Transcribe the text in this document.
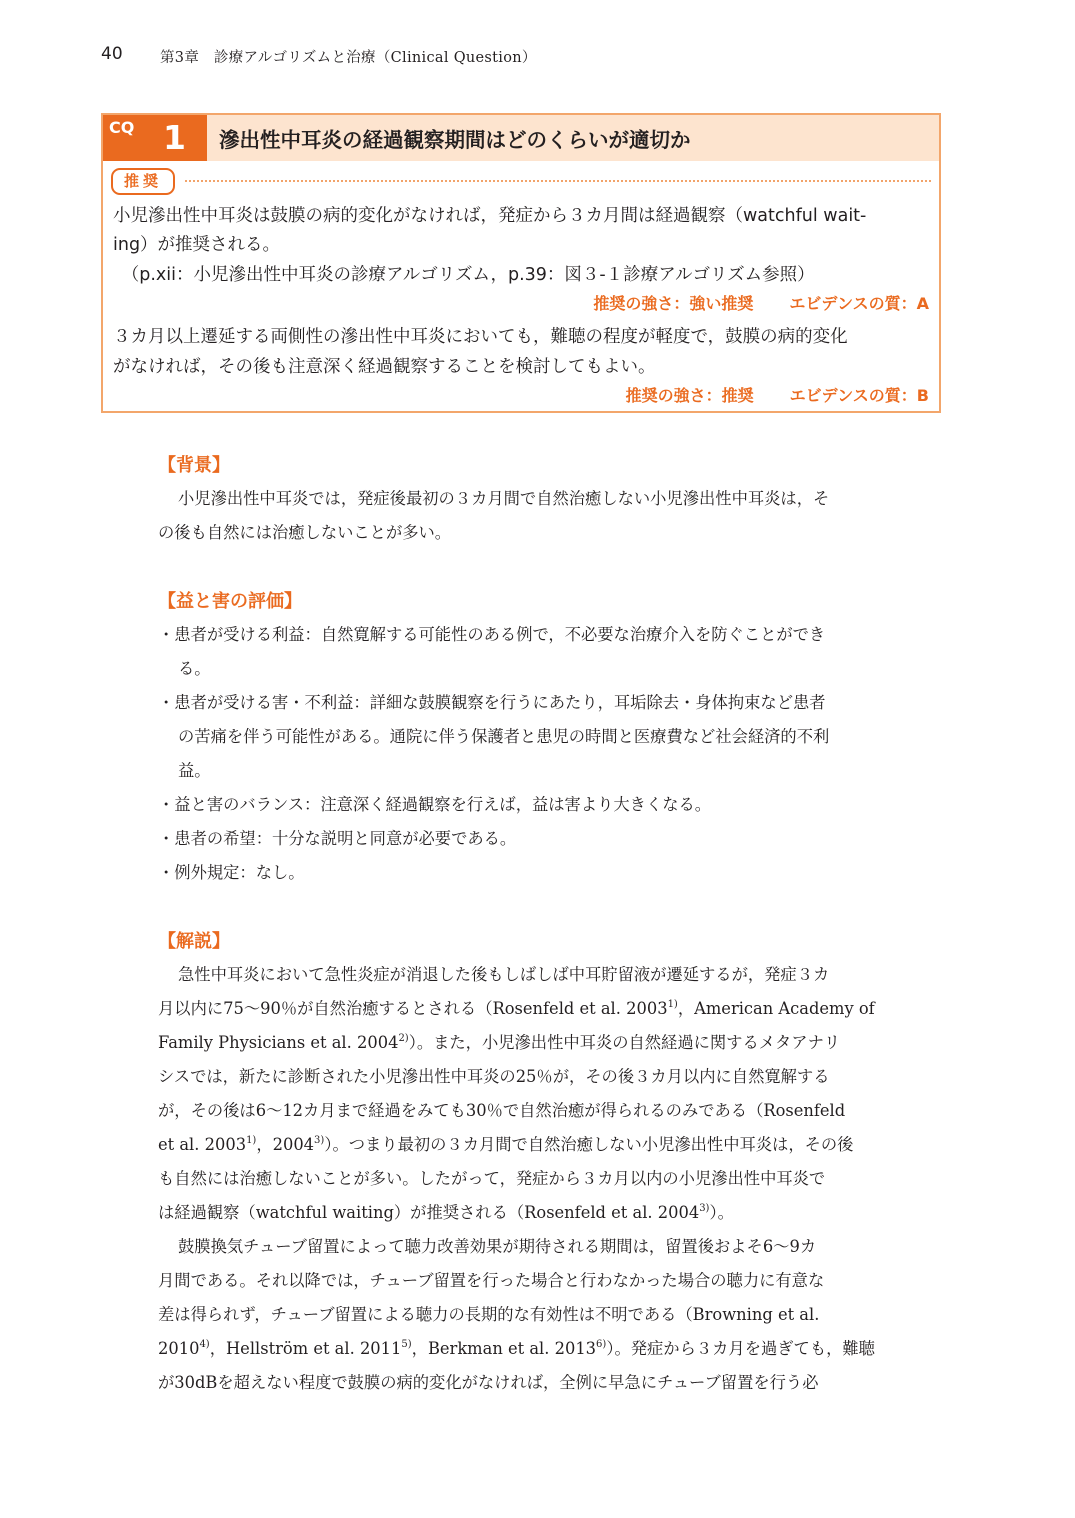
40	第3章　診療アルゴリズムと治療（Clinical Question）
CQ 1 滲出性中耳炎の経過観察期間はどのくらいが適切か
推奨
小児滲出性中耳炎は鼓膜の病的変化がなければ，発症から３カ月間は経過観察（watchful wait-
ing）が推奨される。
　（p.xii：小児滲出性中耳炎の診療アルゴリズム，p.39：図３-１診療アルゴリズム参照）
推奨の強さ：強い推奨 エビデンスの質：A
３カ月以上遷延する両側性の滲出性中耳炎においても，難聴の程度が軽度で，鼓膜の病的変化
がなければ，その後も注意深く経過観察することを検討してもよい。
推奨の強さ：推奨 エビデンスの質：B
【背景】
小児滲出性中耳炎では，発症後最初の３カ月間で自然治癒しない小児滲出性中耳炎は，そ
の後も自然には治癒しないことが多い。
【益と害の評価】
・患者が受ける利益：自然寛解する可能性のある例で，不必要な治療介入を防ぐことができ
る。
・患者が受ける害・不利益：詳細な鼓膜観察を行うにあたり，耳垢除去・身体拘束など患者
の苦痛を伴う可能性がある。通院に伴う保護者と患児の時間と医療費など社会経済的不利
益。
・益と害のバランス：注意深く経過観察を行えば，益は害より大きくなる。
・患者の希望：十分な説明と同意が必要である。
・例外規定：なし。
【解説】
急性中耳炎において急性炎症が消退した後もしばしば中耳貯留液が遷延するが，発症３カ
月以内に75〜90％が自然治癒するとされる（Rosenfeld et al. 2003$^{1)}$，American Academy of
Family Physicians et al. 2004$^{2)}$）。また，小児滲出性中耳炎の自然経過に関するメタアナリ
シスでは，新たに診断された小児滲出性中耳炎の25％が，その後３カ月以内に自然寛解する
が，その後は6〜12カ月まで経過をみても30％で自然治癒が得られるのみである（Rosenfeld
et al. 2003$^{1)}$，2004$^{3)}$）。つまり最初の３カ月間で自然治癒しない小児滲出性中耳炎は，その後
も自然には治癒しないことが多い。したがって，発症から３カ月以内の小児滲出性中耳炎で
は経過観察（watchful waiting）が推奨される（Rosenfeld et al. 2004$^{3)}$）。
鼓膜換気チューブ留置によって聴力改善効果が期待される期間は，留置後およそ6〜9カ
月間である。それ以降では，チューブ留置を行った場合と行わなかった場合の聴力に有意な
差は得られず，チューブ留置による聴力の長期的な有効性は不明である（Browning et al.
2010$^{4)}$，Hellström et al. 2011$^{5)}$，Berkman et al. 2013$^{6)}$）。発症から３カ月を過ぎても，難聴
が30dBを超えない程度で鼓膜の病的変化がなければ，全例に早急にチューブ留置を行う必
